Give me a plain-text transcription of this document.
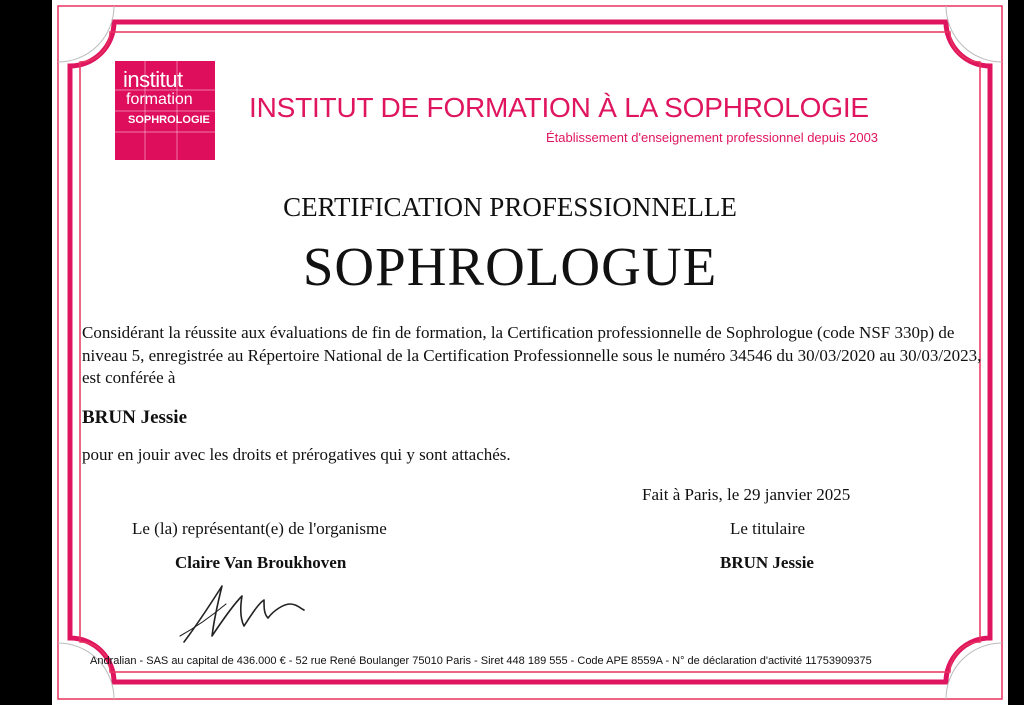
institut
formation
SOPHROLOGIE INSTITUT DE FORMATION À LA SOPHROLOGIE
Établissement d'enseignement professionnel depuis 2003
CERTIFICATION PROFESSIONNELLE
SOPHROLOGUE
Considérant la réussite aux évaluations de fin de formation, la Certification professionnelle de Sophrologue (code NSF 330p) de niveau 5, enregistrée au Répertoire National de la Certification Professionnelle sous le numéro 34546 du 30/03/2020 au 30/03/2023, est conférée à
BRUN Jessie
pour en jouir avec les droits et prérogatives qui y sont attachés.
Fait à Paris, le 29 janvier 2025
Le (la) représentant(e) de l'organisme	Le titulaire
Claire Van Broukhoven	BRUN Jessie
Andralian - SAS au capital de 436.000 € - 52 rue René Boulanger 75010 Paris - Siret 448 189 555 - Code APE 8559A - N° de déclaration d'activité 11753909375
